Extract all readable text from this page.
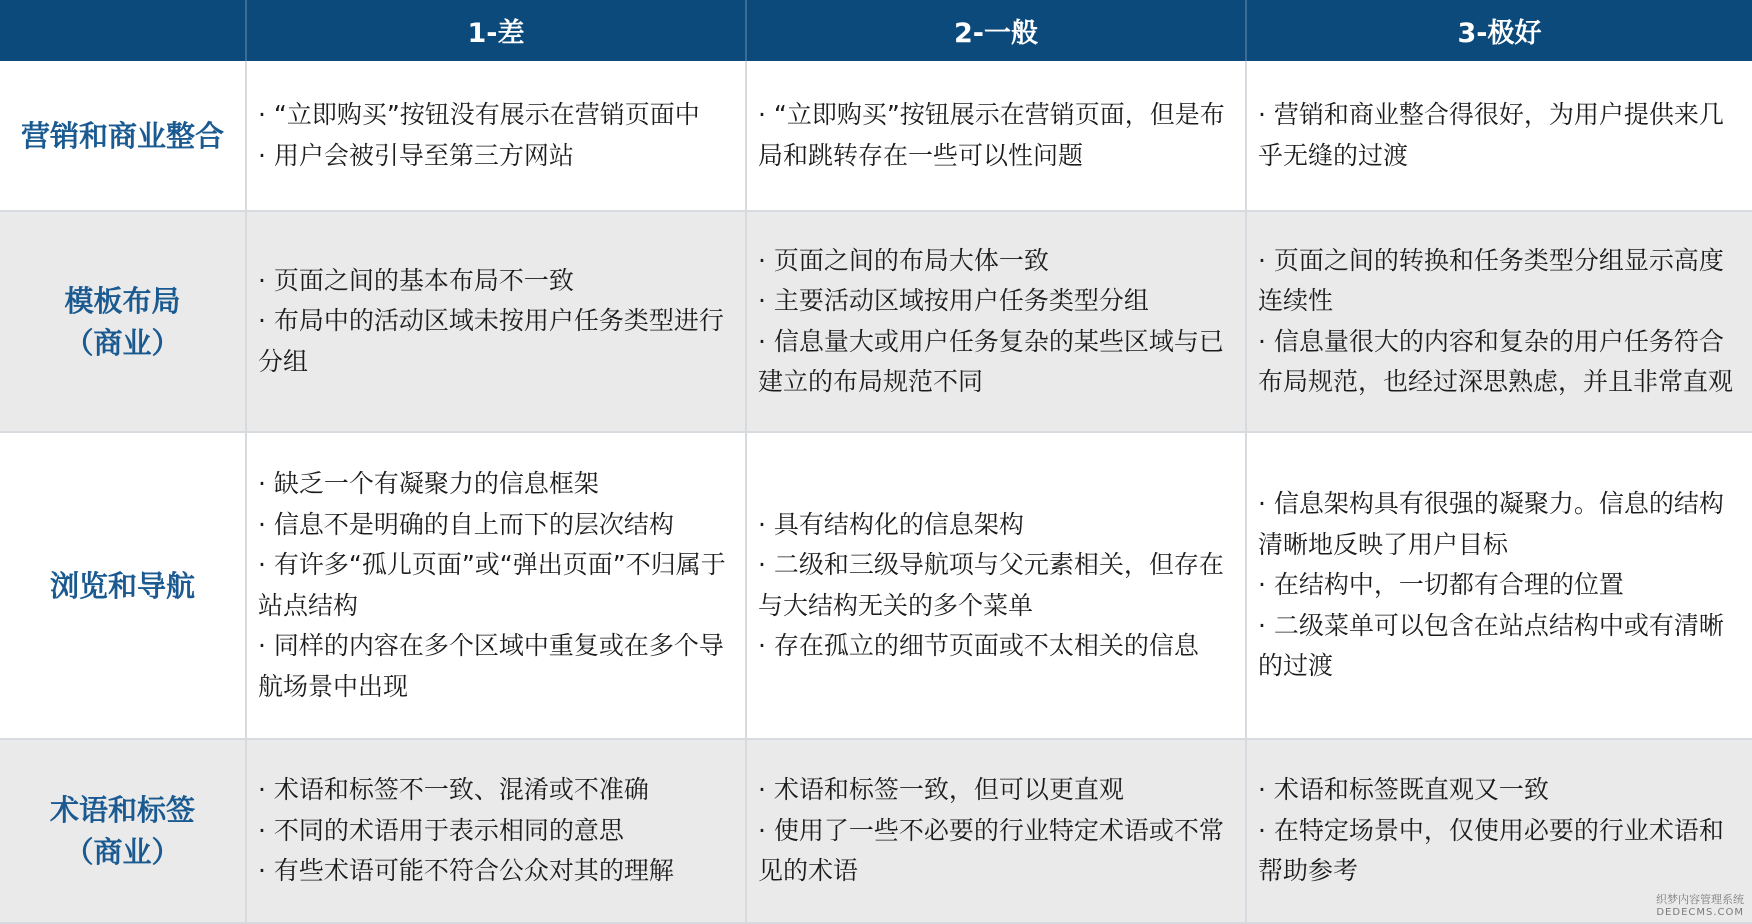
1-差	2-一般	3-极好
营销和商业整合

· “立即购买”按钮没有展示在营销页面中

· 用户会被引导至第三方网站

· “立即购买”按钮展示在营销页面，但是布局和跳转存在一些可以性问题

· 营销和商业整合得很好，为用户提供来几乎无缝的过渡

模板布局
（商业）

· 页面之间的基本布局不一致

· 布局中的活动区域未按用户任务类型进行分组

· 页面之间的布局大体一致

· 主要活动区域按用户任务类型分组

· 信息量大或用户任务复杂的某些区域与已建立的布局规范不同

· 页面之间的转换和任务类型分组显示高度连续性

· 信息量很大的内容和复杂的用户任务符合布局规范，也经过深思熟虑，并且非常直观

浏览和导航

· 缺乏一个有凝聚力的信息框架

· 信息不是明确的自上而下的层次结构

· 有许多“孤儿页面”或“弹出页面”不归属于站点结构

· 同样的内容在多个区域中重复或在多个导航场景中出现

· 具有结构化的信息架构

· 二级和三级导航项与父元素相关，但存在与大结构无关的多个菜单

· 存在孤立的细节页面或不太相关的信息

· 信息架构具有很强的凝聚力。信息的结构清晰地反映了用户目标

· 在结构中，一切都有合理的位置

· 二级菜单可以包含在站点结构中或有清晰的过渡

术语和标签
（商业）

· 术语和标签不一致、混淆或不准确

· 不同的术语用于表示相同的意思

· 有些术语可能不符合公众对其的理解

· 术语和标签一致，但可以更直观

· 使用了一些不必要的行业特定术语或不常见的术语

· 术语和标签既直观又一致

· 在特定场景中，仅使用必要的行业术语和帮助参考

织梦内容管理系统
DEDECMS.COM
